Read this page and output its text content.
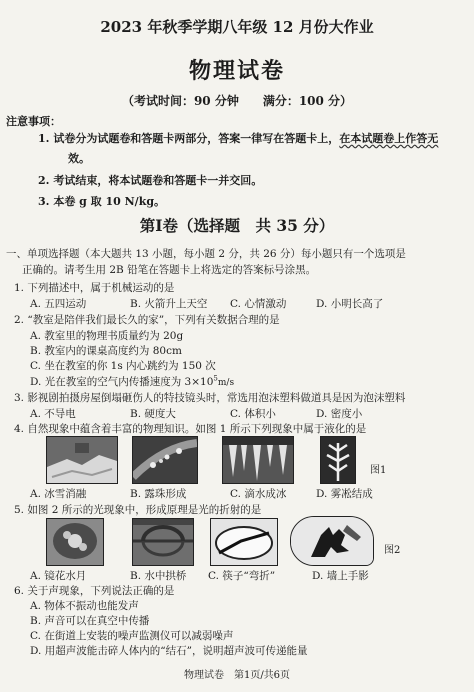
2023 年秋季学期八年级 12 月份大作业
物理试卷
（考试时间：90 分钟　　满分：100 分）
注意事项：
1. 试卷分为试题卷和答题卡两部分，答案一律写在答题卡上，在本试题卷上作答无
效。
2. 考试结束，将本试题卷和答题卡一并交回。
3. 本卷 g 取 10 N/kg。
第Ⅰ卷（选择题　共 35 分）
一、单项选择题（本大题共 13 小题，每小题 2 分，共 26 分）每小题只有一个选项是
正确的。请考生用 2B 铅笔在答题卡上将选定的答案标号涂黑。
1. 下列描述中，属于机械运动的是
A. 五四运动	B. 火箭升上天空 C. 心情激动	D. 小明长高了
2. “教室是陪伴我们最长久的家”，下列有关数据合理的是
A. 教室里的物理书质量约为 20g
B. 教室内的课桌高度约为 80cm
C. 坐在教室的你 1s 内心跳约为 150 次
D. 光在教室的空气内传播速度为 $3\times 10^5m/s$
3. 影视剧拍摄房屋倒塌砸伤人的特技镜头时，常选用泡沫塑料做道具是因为泡沫塑料
A. 不导电	B. 硬度大	C. 体积小	D. 密度小
4. 自然现象中蕴含着丰富的物理知识。如图 1 所示下列现象中属于液化的是
图1
A. 冰雪消融	B. 露珠形成	C. 滴水成冰	D. 雾凇结成
5. 如图 2 所示的光现象中，形成原理是光的折射的是
图2
A. 镜花水月	B. 水中拱桥 C. 筷子“弯折”	D. 墙上手影
6. 关于声现象，下列说法正确的是
A. 物体不振动也能发声
B. 声音可以在真空中传播
C. 在街道上安装的噪声监测仪可以减弱噪声
D. 用超声波能击碎人体内的“结石”，说明超声波可传递能量
物理试卷　第1页/共6页
